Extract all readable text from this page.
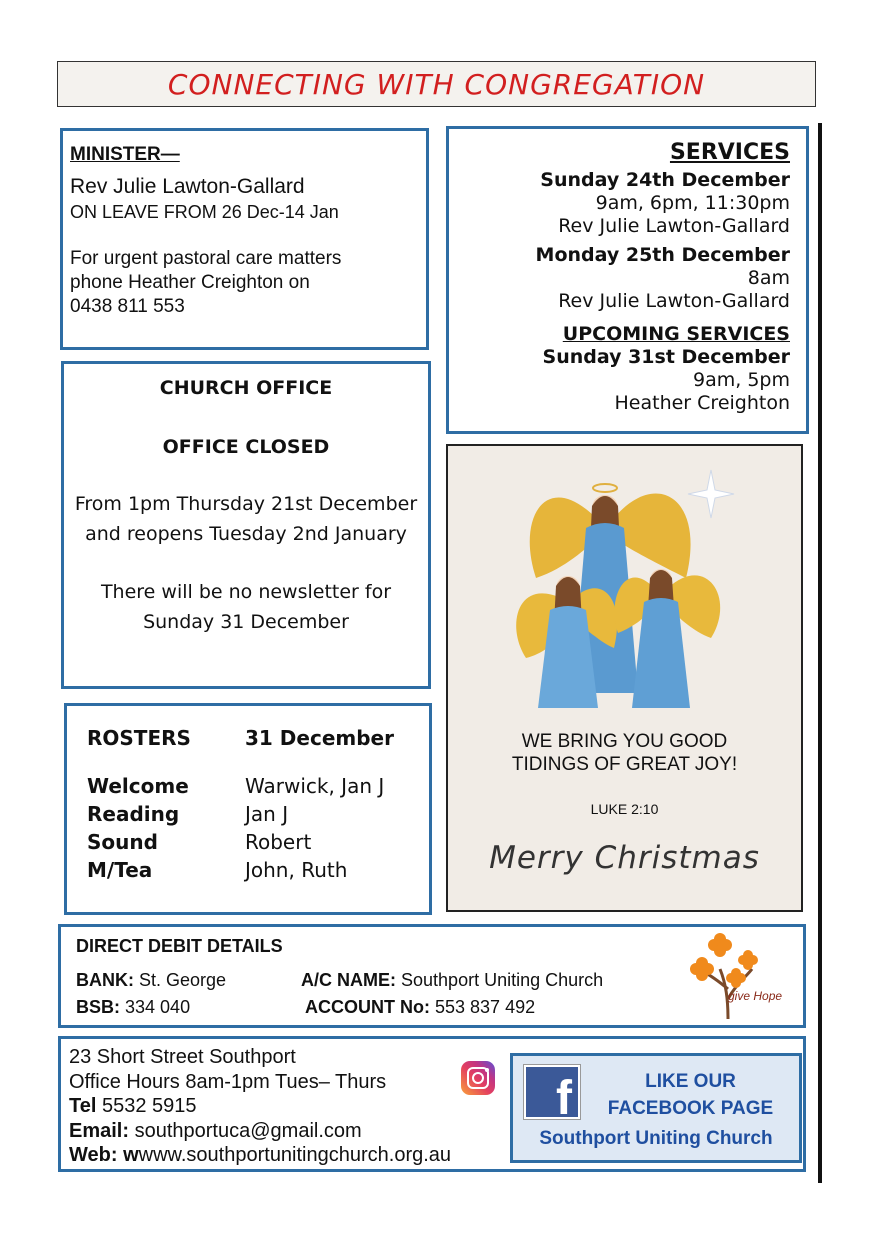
CONNECTING WITH CONGREGATION

MINISTER—

Rev Julie Lawton-Gallard

ON LEAVE FROM 26 Dec-14 Jan

For urgent pastoral care matters

phone Heather Creighton on

0438 811 553

SERVICES

Sunday 24th December

9am, 6pm, 11:30pm

Rev Julie Lawton-Gallard

Monday 25th December

8am

Rev Julie Lawton-Gallard

UPCOMING SERVICES

Sunday 31st December

9am, 5pm

Heather Creighton

CHURCH OFFICE

OFFICE CLOSED

From 1pm Thursday 21st December

and reopens Tuesday 2nd January

There will be no newsletter for

Sunday 31 December

WE BRING YOU GOOD

TIDINGS OF GREAT JOY!

LUKE 2:10

Merry Christmas

ROSTERS	31 December
Welcome	Warwick, Jan J
Reading	Jan J
Sound	Robert
M/Tea	John, Ruth

DIRECT DEBIT DETAILS

BANK: St. George	A/C NAME: Southport Uniting Church
BSB: 334 040	ACCOUNT No: 553 837 492
give Hope

23 Short Street Southport

Office Hours 8am-1pm Tues– Thurs

Tel 5532 5915

Email: southportuca@gmail.com

Web: wwww.southportunitingchurch.org.au

f	LIKE OUR

FACEBOOK PAGE

Southport Uniting Church
